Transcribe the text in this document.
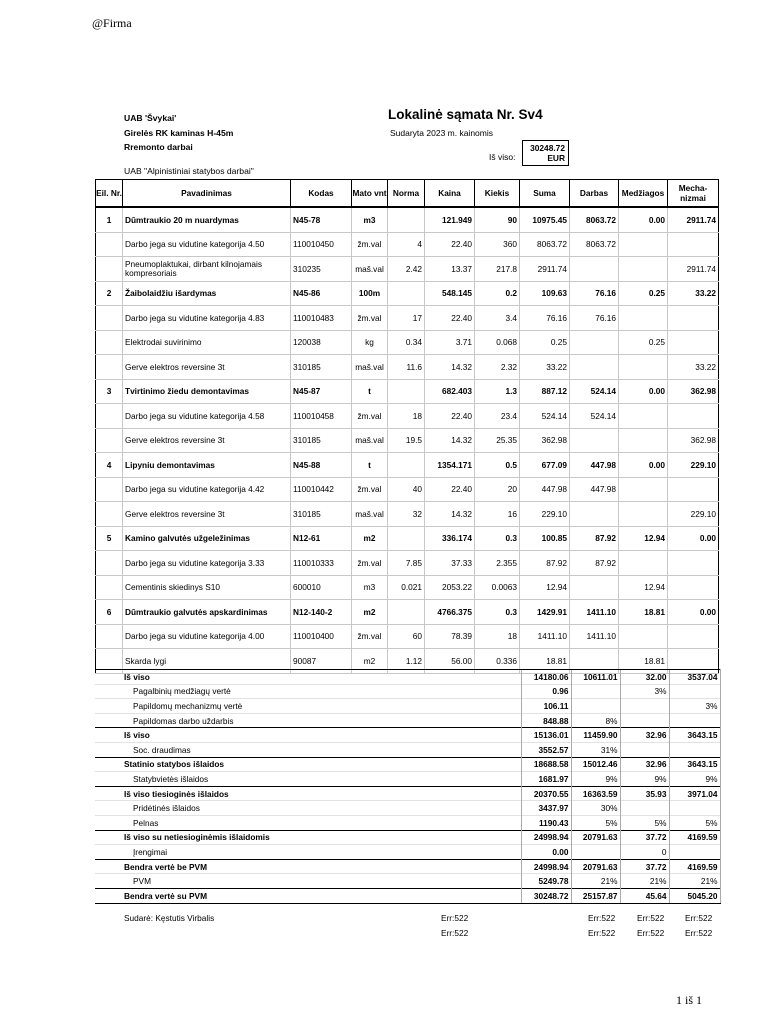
@Firma
UAB 'Švykai'
Girelės RK kaminas H-45m
Rremonto darbai
Lokalinė sąmata Nr. Sv4
Sudaryta 2023 m. kainomis
Iš viso:
30248.72
EUR
UAB "Alpinistiniai statybos darbai"
Eil. Nr.	Pavadinimas	Kodas	Mato vnt	Norma	Kaina	Kiekis	Suma	Darbas	Medžiagos	Mecha- nizmai
1	Dūmtraukio 20 m nuardymas	N45-78	m3		121.949	90	10975.45	8063.72	0.00	2911.74
	Darbo jega su vidutine kategorija 4.50	110010450	žm.val	4	22.40	360	8063.72	8063.72		
	Pneumoplaktukai, dirbant kilnojamais kompresoriais	310235	maš.val	2.42	13.37	217.8	2911.74			2911.74
2	Žaibolaidžiu išardymas	N45-86	100m		548.145	0.2	109.63	76.16	0.25	33.22
	Darbo jega su vidutine kategorija 4.83	110010483	žm.val	17	22.40	3.4	76.16	76.16		
	Elektrodai suvirinimo	120038	kg	0.34	3.71	0.068	0.25		0.25	
	Gerve elektros reversine 3t	310185	maš.val	11.6	14.32	2.32	33.22			33.22
3	Tvirtinimo žiedu demontavimas	N45-87	t		682.403	1.3	887.12	524.14	0.00	362.98
	Darbo jega su vidutine kategorija 4.58	110010458	žm.val	18	22.40	23.4	524.14	524.14		
	Gerve elektros reversine 3t	310185	maš.val	19.5	14.32	25.35	362.98			362.98
4	Lipyniu demontavimas	N45-88	t		1354.171	0.5	677.09	447.98	0.00	229.10
	Darbo jega su vidutine kategorija 4.42	110010442	žm.val	40	22.40	20	447.98	447.98		
	Gerve elektros reversine 3t	310185	maš.val	32	14.32	16	229.10			229.10
5	Kamino galvutės užgeležinimas	N12-61	m2		336.174	0.3	100.85	87.92	12.94	0.00
	Darbo jega su vidutine kategorija 3.33	110010333	žm.val	7.85	37.33	2.355	87.92	87.92		
	Cementinis skiedinys S10	600010	m3	0.021	2053.22	0.0063	12.94		12.94	
6	Dūmtraukio galvutės apskardinimas	N12-140-2	m2		4766.375	0.3	1429.91	1411.10	18.81	0.00
	Darbo jega su vidutine kategorija 4.00	110010400	žm.val	60	78.39	18	1411.10	1411.10		
	Skarda lygi	90087	m2	1.12	56.00	0.336	18.81		18.81	
Iš viso	14180.06	10611.01	32.00	3537.04
Pagalbinių medžiagų vertė	0.96		3%	
Papildomų mechanizmų vertė	106.11			3%
Papildomas darbo uždarbis	848.88	8%		
Iš viso	15136.01	11459.90	32.96	3643.15
Soc. draudimas	3552.57	31%		
Statinio statybos išlaidos	18688.58	15012.46	32.96	3643.15
Statybvietės išlaidos	1681.97	9%	9%	9%
Iš viso tiesioginės išlaidos	20370.55	16363.59	35.93	3971.04
Pridėtinės išlaidos	3437.97	30%		
Pelnas	1190.43	5%	5%	5%
Iš viso su netiesioginėmis išlaidomis	24998.94	20791.63	37.72	4169.59
Įrengimai	0.00		0	
Bendra vertė be PVM	24998.94	20791.63	37.72	4169.59
PVM	5249.78	21%	21%	21%
Bendra vertė su PVM	30248.72	25157.87	45.64	5045.20
Sudarė: Kęstutis Virbalis	Err:522	Err:522	Err:522	Err:522
Err:522	Err:522	Err:522	Err:522
1 iš 1
